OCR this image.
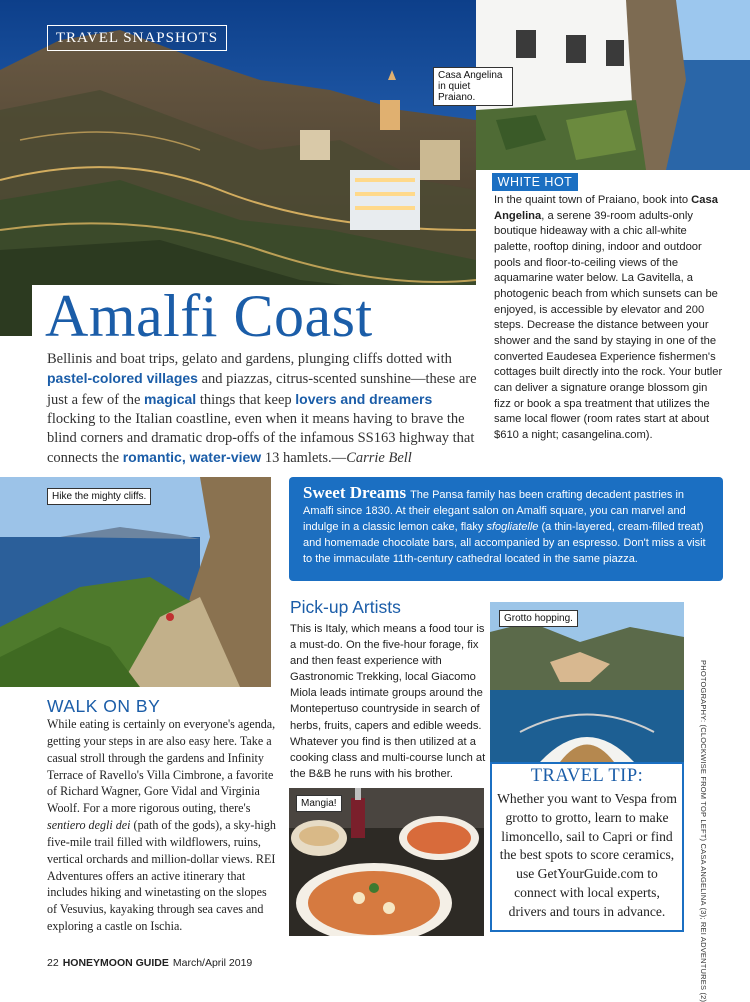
Casa Angelina in quiet Praiano.
Hike the mighty cliffs.
Grotto hopping.
Mangia!
TRAVEL SNAPSHOTS
Amalfi Coast
Bellinis and boat trips, gelato and gardens, plunging cliffs dotted with pastel-colored villages and piazzas, citrus-scented sunshine—these are just a few of the magical things that keep lovers and dreamers flocking to the Italian coastline, even when it means having to brave the blind corners and dramatic drop-offs of the infamous SS163 highway that connects the romantic, water-view 13 hamlets.—Carrie Bell
WHITE HOT
In the quaint town of Praiano, book into Casa Angelina, a serene 39-room adults-only boutique hideaway with a chic all-white palette, rooftop dining, indoor and outdoor pools and floor-to-ceiling views of the aquamarine water below. La Gavitella, a photogenic beach from which sunsets can be enjoyed, is accessible by elevator and 200 steps. Decrease the distance between your shower and the sand by staying in one of the converted Eaudesea Experience fishermen's cottages built directly into the rock. Your butler can deliver a signature orange blossom gin fizz or book a spa treatment that utilizes the same local flower (room rates start at about $610 a night; casangelina.com).
Sweet Dreams The Pansa family has been crafting decadent pastries in Amalfi since 1830. At their elegant salon on Amalfi square, you can marvel and indulge in a classic lemon cake, flaky sfogliatelle (a thin-layered, cream-filled treat) and homemade chocolate bars, all accompanied by an espresso. Don't miss a visit to the immaculate 11th-century cathedral located in the same piazza.
Pick-up Artists
This is Italy, which means a food tour is a must-do. On the five-hour forage, fix and then feast experience with Gastronomic Trekking, local Giacomo Miola leads intimate groups around the Montepertuso countryside in search of herbs, fruits, capers and edible weeds. Whatever you find is then utilized at a cooking class and multi-course lunch at the B&B he runs with his brother.
WALK ON BY
While eating is certainly on everyone's agenda, getting your steps in are also easy here. Take a casual stroll through the gardens and Infinity Terrace of Ravello's Villa Cimbrone, a favorite of Richard Wagner, Gore Vidal and Virginia Woolf. For a more rigorous outing, there's sentiero degli dei (path of the gods), a sky-high five-mile trail filled with wildflowers, ruins, vertical orchards and million-dollar views. REI Adventures offers an active itinerary that includes hiking and winetasting on the slopes of Vesuvius, kayaking through sea caves and exploring a castle on Ischia.
TRAVEL TIP:
Whether you want to Vespa from grotto to grotto, learn to make limoncello, sail to Capri or find the best spots to score ceramics, use GetYourGuide.com to connect with local experts, drivers and tours in advance.	PHOTOGRAPHY: (CLOCKWISE FROM TOP LEFT) CASA ANGELINA (3); REI ADVENTURES (2)
22 HONEYMOON GUIDE March/April 2019
